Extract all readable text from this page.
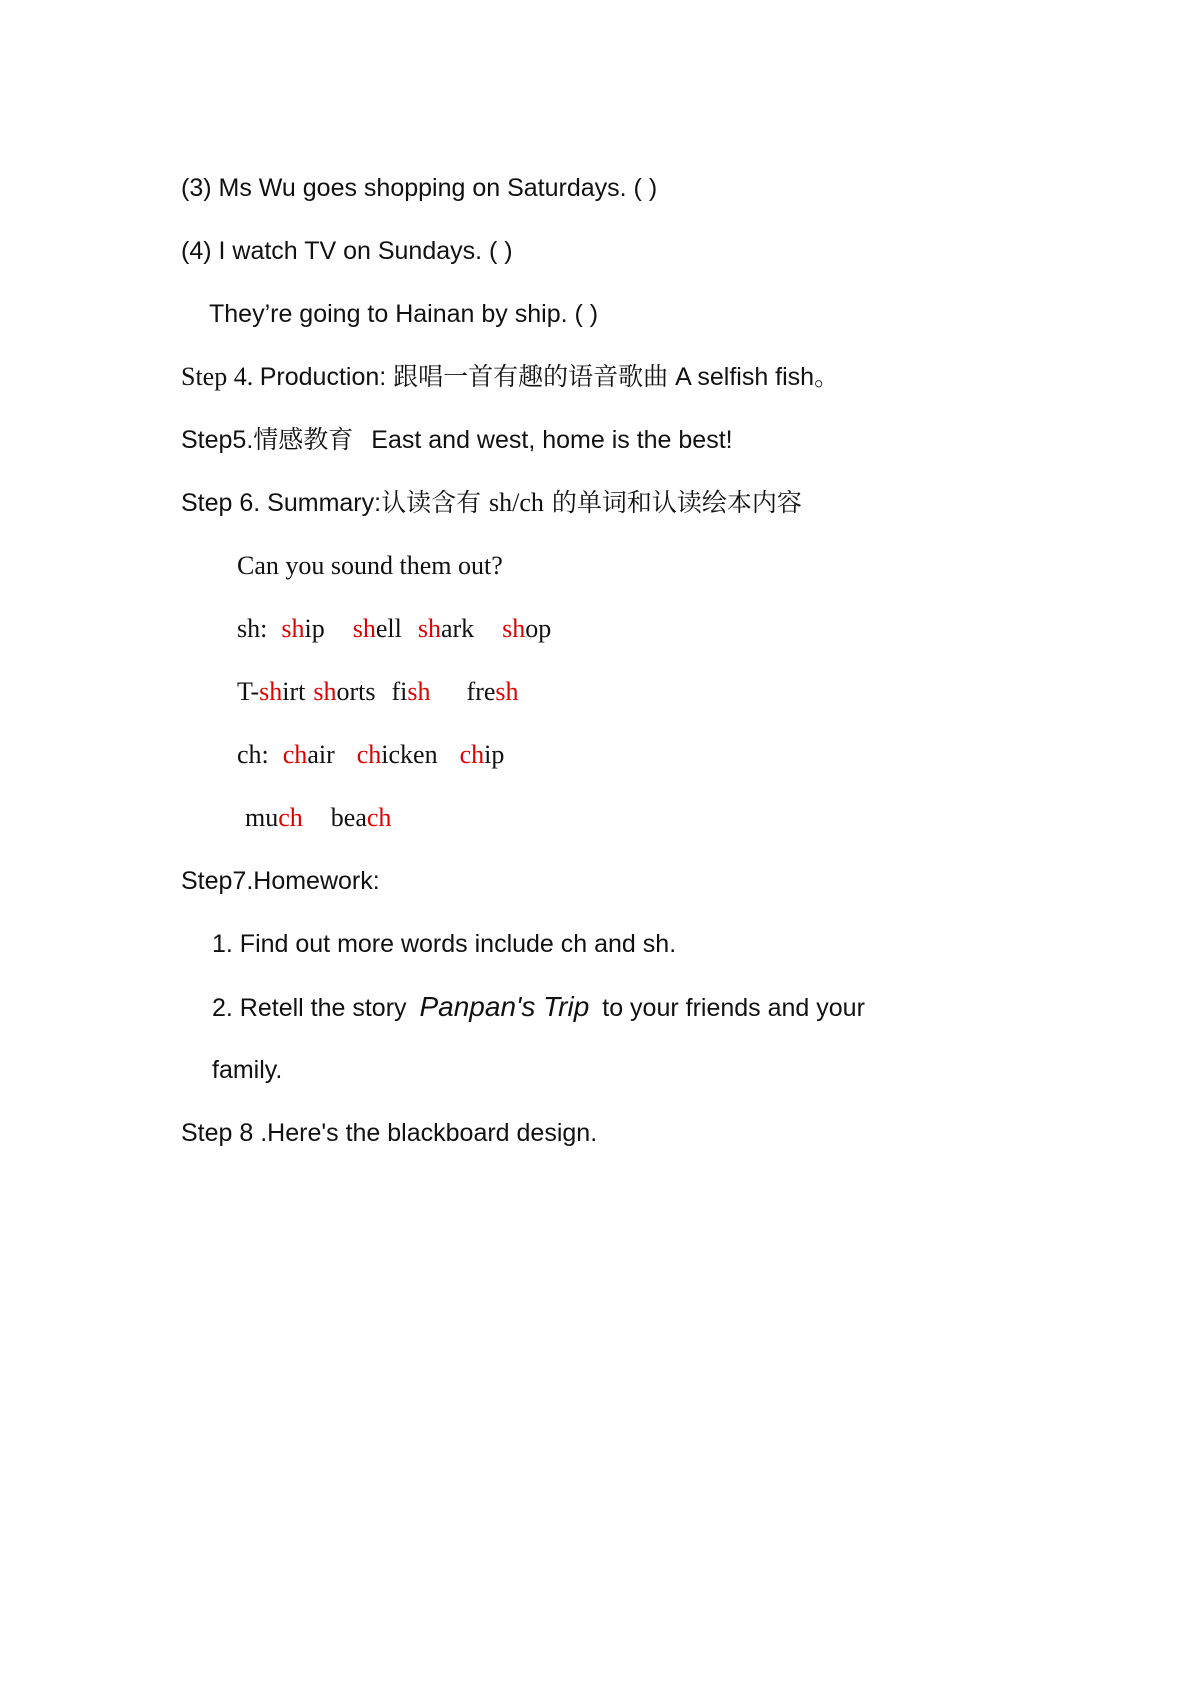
(3) Ms Wu goes shopping on Saturdays. ( )
(4) I watch TV on Sundays. ( )
They’re going to Hainan by ship. ( )
Step 4. Production: 跟唱一首有趣的语音歌曲 A selfish fish。
Step5.情感教育 East and west, home is the best!
Step 6. Summary:认读含有 sh/ch 的单词和认读绘本内容
Can you sound them out?
sh: ship shell shark shop
T-shirt shorts fish fresh
ch: chair chicken chip
much beach
Step7.Homework:
1. Find out more words include ch and sh.
2. Retell the story Panpan's Trip to your friends and your
family.
Step 8 .Here's the blackboard design.
